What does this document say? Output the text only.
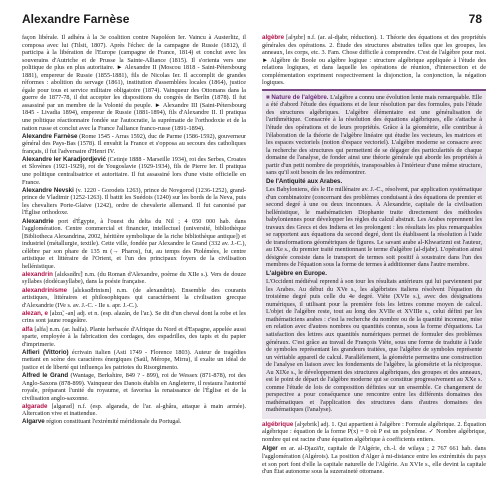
Alexandre Farnèse	78

façon libérale. Il adhéra à la 3e coalition contre Napoléon Ier. Vaincu à Austerlitz, il composa avec lui (Tilsit, 1807). Après l'échec de la campagne de Russie (1812), il participa à la libération de l'Europe (campagne de France, 1814) et conclut avec les souverains d'Autriche et de Prusse la Sainte-Alliance (1815). Il s'orienta vers une politique de plus en plus autoritaire. ► Alexandre II (Moscou 1818 - Saint-Pétersbourg 1881), empereur de Russie (1855-1881), fils de Nicolas Ier. Il accomplit de grandes réformes : abolition du servage (1861), institution d'assemblées locales (1864), justice égale pour tous et service militaire obligatoire (1874). Vainqueur des Ottomans dans la guerre de 1877-78, il dut accepter les dispositions du congrès de Berlin (1878). Il fut assassiné par un membre de la Volonté du peuple. ► Alexandre III (Saint-Pétersbourg 1845 - Livadia 1894), empereur de Russie (1881-1894), fils d'Alexandre II. Il pratiqua une politique réactionnaire fondée sur l'autocratie, la suprématie de l'orthodoxie et de la nation russe et conclut avec la France l'alliance franco-russe (1891-1894).

Alexandre Farnèse (Rome 1545 - Arras 1592), duc de Parme (1586-1592), gouverneur général des Pays-Bas (1578). Il envahit la France et s'opposa au secours des catholiques français, il fut l'adversaire d'Henri IV.

Alexandre Ier Karadjordjević (Cetinje 1888 - Marseille 1934), roi des Serbes, Croates et Slovènes (1921-1929), roi de Yougoslavie (1929-1934), fils de Pierre Ier. Il pratiqua une politique centralisatrice et autoritaire. Il fut assassiné lors d'une visite officielle en France.

Alexandre Nevski (v. 1220 - Gorodets 1263), prince de Novgorod (1236-1252), grand-prince de Vladimir (1252-1263). Il battit les Suédois (1240) sur les bords de la Neva, puis les chevaliers Porte-Glaive (1242), ordre de chevalerie allemand. Il fut canonisé par l'Église orthodoxe.

Alexandrie port d'Égypte, à l'ouest du delta du Nil ; 4 050 000 hab. dans l'agglomération. Centre commercial et financier, intellectuel (université, bibliothèque [Bibliotheca Alexandrina, 2002, héritière symbolique de la riche bibliothèque antique]) et industriel (métallurgie, textile). Cette ville, fondée par Alexandre le Grand (332 av. J.-C.), célèbre par son phare de 135 m (→ Pharos), fut, au temps des Ptolémées, le centre artistique et littéraire de l'Orient, et l'un des principaux foyers de la civilisation hellénistique.

alexandrin [alɛksɑ̃drɛ̃] n.m. (du Roman d'Alexandre, poème du XIIe s.). Vers de douze syllabes (dodécasyllabe), dans la poésie française.

alexandrinisme [alɛksɑ̃drinism] n.m. (de alexandrin). Ensemble des courants artistiques, littéraires et philosophiques qui caractérisent la civilisation grecque d'Alexandrie (IVe s. av. J.-C. - IIe s. apr. J.-C.).

alezan, e [alzɑ̃, -an] adj. et n. (esp. alazán, de l'ar.). Se dit d'un cheval dont la robe et les crins sont jaune rougeâtre.

alfa [alfa] n.m. (ar. halfa). Plante herbacée d'Afrique du Nord et d'Espagne, appelée aussi sparte, employée à la fabrication des cordages, des espadrilles, des tapis et du papier d'imprimerie.

Alfieri (Vittorio) écrivain italien (Asti 1749 - Florence 1803). Auteur de tragédies mettant en scène des caractères énergiques (Saül, Mérope, Mirra), il exalte un idéal de justice et de liberté qui influença les patriotes du Risorgimento.

Alfred le Grand (Wantage, Berkshire, 849 ? - 899), roi de Wessex (871-878), roi des Anglo-Saxons (878-899). Vainqueur des Danois établis en Angleterre, il restaura l'autorité royale, préparant l'unité du royaume, et favorisa la renaissance de l'Église et de la civilisation anglo-saxonne.

algarade [algarad] n.f. (esp. algarada, de l'ar. al-ghâra, attaque à main armée). Altercation vive et inattendue.

Algarve région constituant l'extrémité méridionale du Portugal.

algèbre [alʒɛbr] n.f. (ar. al-djabr, réduction). 1. Théorie des équations et des propriétés générales des opérations. 2. Étude des structures abstraites telles que les groupes, les anneaux, les corps, etc. 3. Fam. Chose difficile à comprendre. C'est de l'algèbre pour moi. ► Algèbre de Boole ou algèbre logique : structure algébrique appliquée à l'étude des relations logiques, et dans laquelle les opérations de réunion, d'intersection et de complémentation expriment respectivement la disjonction, la conjonction, la négation logiques.

■ Nature de l'algèbre. L'algèbre a connu une évolution lente mais remarquable. Elle a été d'abord l'étude des équations et de leur résolution par des formules, puis l'étude des structures algébriques. L'algèbre élémentaire est une généralisation de l'arithmétique. Consacrée à la résolution des équations algébriques, elle s'attache à l'étude des opérations et de leurs propriétés. Grâce à la géométrie, elle contribue à l'élaboration de la théorie de l'algèbre linéaire qui étudie les vecteurs, les matrices et les espaces vectoriels (notion d'espace vectoriel). L'algèbre moderne se consacre avec la recherche des structures qui permettent de se dégager des particularités de chaque domaine de l'analyse, de fonder ainsi une théorie générale qui aborde les propriétés à partir d'un petit nombre de propriétés, transposables à l'intérieur d'une même structure, sans qu'il soit besoin de les redémontrer.

De l'Antiquité aux Arabes.

Les Babyloniens, dès le IIe millénaire av. J.-C., résolvent, par application systématique d'un combinatoire (concernant des problèmes conduisant à des équations de premier et second degré à une ou deux inconnues. À Alexandrie, capitale de la civilisation hellénistique, le mathématicien Diophante traite directement des méthodes babyloniennes pour développer les règles du calcul abstrait. Les Arabes reprennent les travaux des Grecs et des Indiens et les prolongent : les résultats les plus remarquables se rapportent aux équations du second degré, dont ils établissent la résolution à l'aide de transformations géométriques de figures. Le savant arabe al-Khwarizmi est l'auteur, au IXe s., du premier traité mentionnant le terme d'algèbre (al-djabr). L'opération ainsi désignée consiste dans le transport de termes soit positif à soustraire dans l'un des membres de l'équation sous la forme de termes à additionner dans l'autre membre.

L'algèbre en Europe.

L'Occident médiéval reprend à son tour les résultats antérieurs qui lui parviennent par les Arabes. Au début du XVe s., les algébristes italiens résolvent l'équation du troisième degré puis celle du 4e degré. Viète (XVIe s.), avec des désignations numériques, il utilisant pour la première fois les lettres comme moyen de calcul. L'objet de l'algèbre reste, tout au long des XVIIe et XVIIIe s., celui défini par les mathématiciens arabes : c'est la recherche du nombre ou de la quantité inconnue, mise en relation avec d'autres nombres ou quantités connus, sous la forme d'équations. La satisfaction des lettres aux quantités numériques permet de formuler des problèmes généraux. C'est grâce au travail de François Viète, sous une forme de traduite à l'aide de symboles représentant les grandeurs traitées, que l'algèbre de symboles représente un véritable appareil de calcul. Parallèlement, la géométrie permettra une construction de l'analyse en liaison avec les fondements de l'algèbre, la géométrie et la réciproque. Au XIXe s., le développement des structures algébriques, des groupes et des anneaux, est le point de départ de l'algèbre moderne qui se constitue progressivement au XXe s. comme l'étude de lois de composition définies sur un ensemble. Ce changement de perspective a pour conséquence une rencontre entre les différents domaines des mathématiques et l'application des structures dans d'autres domaines des mathématiques (l'analyse).

algébrique [alʒebrik] adj. 1. Qui appartient à l'algèbre : Formule algébrique. 2. Équation algébrique : équation de la forme P(x) = 0 où P est un polynôme. ✓ Nombre algébrique, nombre qui est racine d'une équation algébrique à coefficients entiers.

Alger en ar. al-Djazā'ir, capitale de l'Algérie, ch.-l. de wilaya ; 2 767 661 hab. dans l'agglomération (Algérois). La position d'Alger à mi-distance entre les extrémités du pays et son port font d'elle la capitale naturelle de l'Algérie. Au XVIe s., elle devint la capitale d'un État autonome sous la suzeraineté ottomane.
